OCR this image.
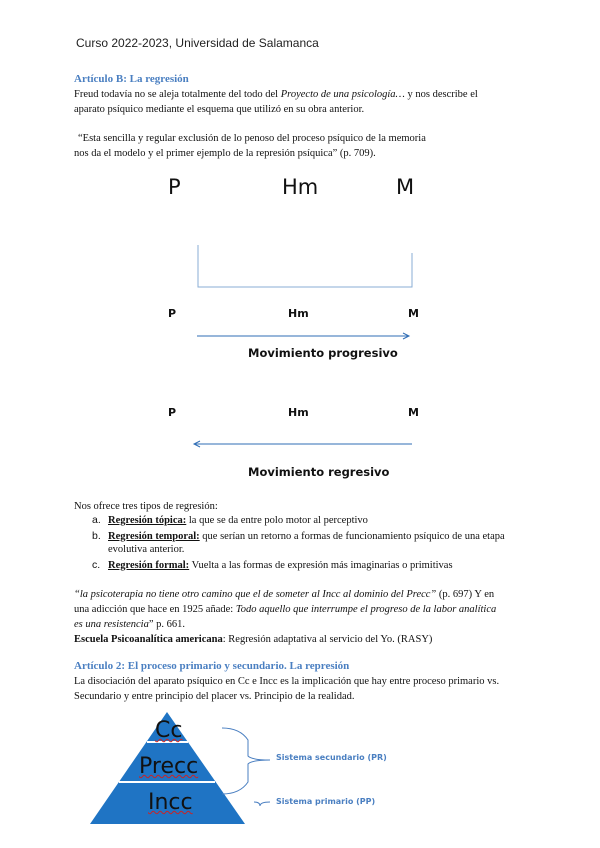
Curso 2022-2023, Universidad de Salamanca
Artículo B: La regresión
Freud todavía no se aleja totalmente del todo del Proyecto de una psicología… y nos describe el
aparato psíquico mediante el esquema que utilizó en su obra anterior.
“Esta sencilla y regular exclusión de lo penoso del proceso psíquico de la memoria
nos da el modelo y el primer ejemplo de la represión psíquica” (p. 709).
P	Hm	M
P	Hm	M
Movimiento progresivo
P	Hm	M
Movimiento regresivo
Nos ofrece tres tipos de regresión:
a. Regresión tópica: la que se da entre polo motor al perceptivo
b. Regresión temporal: que serían un retorno a formas de funcionamiento psíquico de una etapa evolutiva anterior.
c. Regresión formal: Vuelta a las formas de expresión más imaginarias o primitivas
“la psicoterapia no tiene otro camino que el de someter al Incc al dominio del Precc” (p. 697) Y en
una adicción que hace en 1925 añade: Todo aquello que interrumpe el progreso de la labor analítica
es una resistencia” p. 661.
Escuela Psicoanalítica americana: Regresión adaptativa al servicio del Yo. (RASY)
Artículo 2: El proceso primario y secundario. La represión
La disociación del aparato psíquico en Cc e Incc es la implicación que hay entre proceso primario vs.
Secundario y entre principio del placer vs. Principio de la realidad.
Cc
Precc
Incc
Sistema secundario (PR)
Sistema primario (PP)
